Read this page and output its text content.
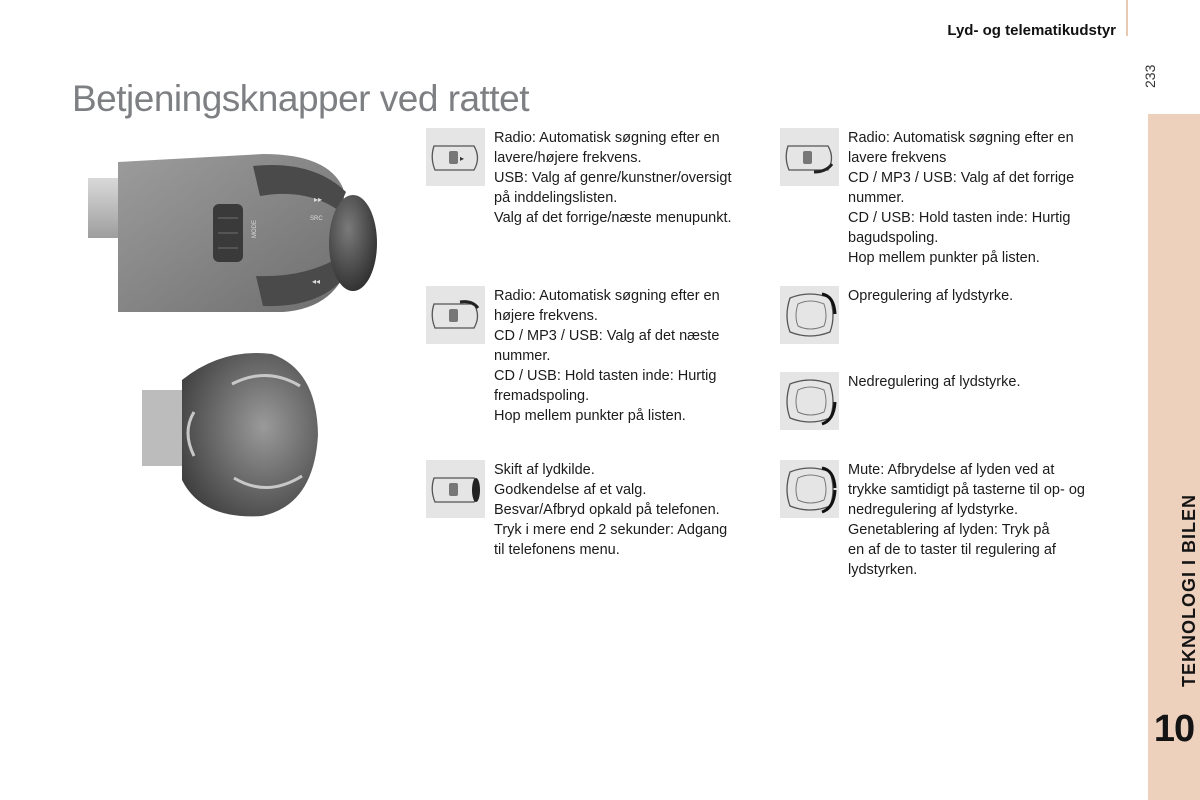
Lyd- og telematikudstyr
233
TEKNOLOGI I BILEN
10
Betjeningsknapper ved rattet
MODE
SRC
▸▸
◂◂
▸
Radio: Automatisk søgning efter en
lavere/højere frekvens.
USB: Valg af genre/kunstner/oversigt
på inddelingslisten.
Valg af det forrige/næste menupunkt.
Radio: Automatisk søgning efter en
lavere frekvens
CD / MP3 / USB: Valg af det forrige
nummer.
CD / USB: Hold tasten inde: Hurtig
bagudspoling.
Hop mellem punkter på listen.
Radio: Automatisk søgning efter en
højere frekvens.
CD / MP3 / USB: Valg af det næste
nummer.
CD / USB: Hold tasten inde: Hurtig
fremadspoling.
Hop mellem punkter på listen.
Opregulering af lydstyrke.
Nedregulering af lydstyrke.
Skift af lydkilde.
Godkendelse af et valg.
Besvar/Afbryd opkald på telefonen.
Tryk i mere end 2 sekunder: Adgang
til telefonens menu.
Mute: Afbrydelse af lyden ved at
trykke samtidigt på tasterne til op- og
nedregulering af lydstyrke.
Genetablering af lyden: Tryk på
en af de to taster til regulering af
lydstyrken.
